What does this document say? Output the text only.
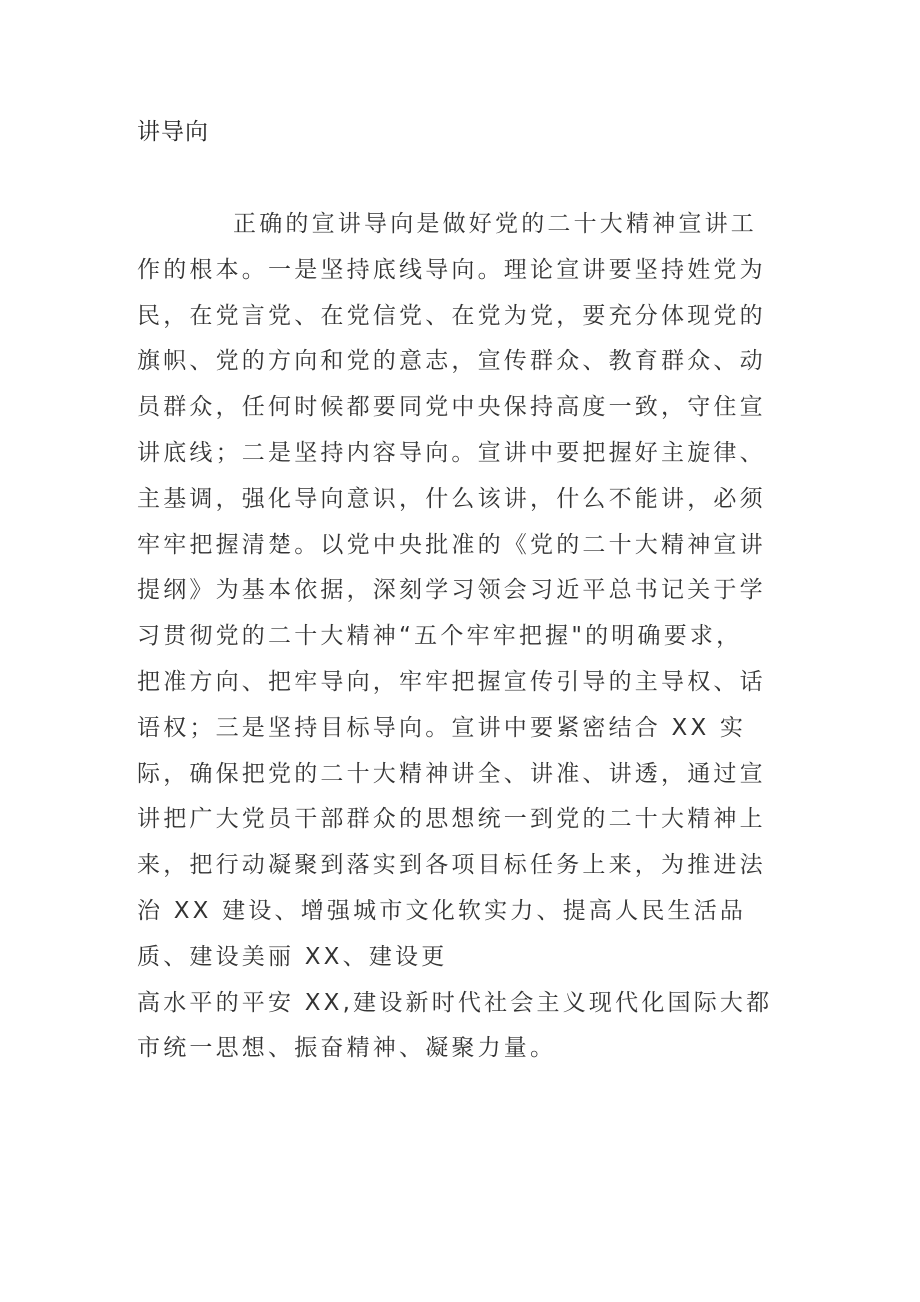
讲导向
正确的宣讲导向是做好党的二十大精神宣讲工
作的根本。一是坚持底线导向。理论宣讲要坚持姓党为
民，在党言党、在党信党、在党为党，要充分体现党的
旗帜、党的方向和党的意志，宣传群众、教育群众、动
员群众，任何时候都要同党中央保持高度一致，守住宣
讲底线；二是坚持内容导向。宣讲中要把握好主旋律、
主基调，强化导向意识，什么该讲，什么不能讲，必须
牢牢把握清楚。以党中央批准的《党的二十大精神宣讲
提纲》为基本依据，深刻学习领会习近平总书记关于学
习贯彻党的二十大精神“五个牢牢把握"的明确要求，
把准方向、把牢导向，牢牢把握宣传引导的主导权、话
语权；三是坚持目标导向。宣讲中要紧密结合 XX 实
际，确保把党的二十大精神讲全、讲准、讲透，通过宣
讲把广大党员干部群众的思想统一到党的二十大精神上
来，把行动凝聚到落实到各项目标任务上来，为推进法
治 XX 建设、增强城市文化软实力、提高人民生活品
质、建设美丽 XX、建设更
高水平的平安 XX,建设新时代社会主义现代化国际大都
市统一思想、振奋精神、凝聚力量。
